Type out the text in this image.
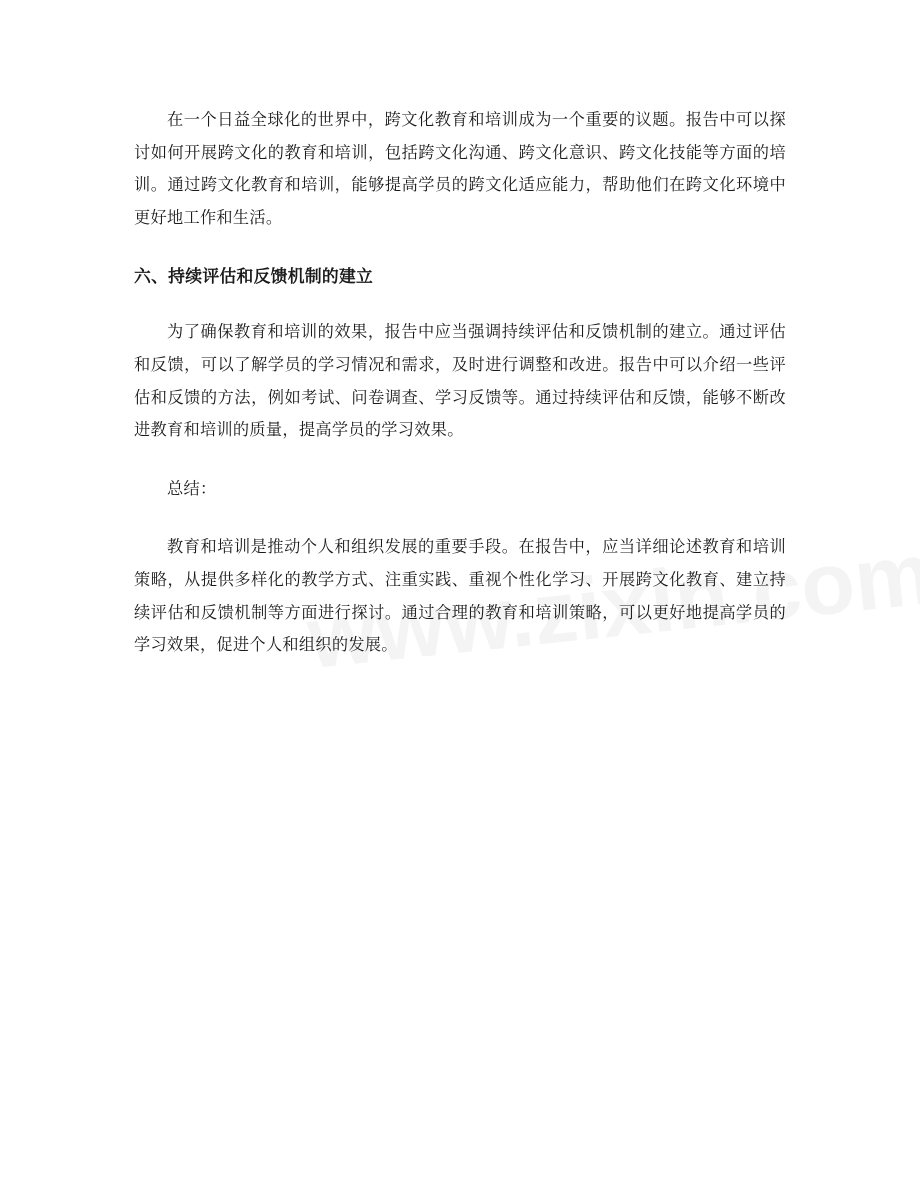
在一个日益全球化的世界中，跨文化教育和培训成为一个重要的议题。报告中可以探讨如何开展跨文化的教育和培训，包括跨文化沟通、跨文化意识、跨文化技能等方面的培训。通过跨文化教育和培训，能够提高学员的跨文化适应能力，帮助他们在跨文化环境中更好地工作和生活。

六、持续评估和反馈机制的建立

为了确保教育和培训的效果，报告中应当强调持续评估和反馈机制的建立。通过评估和反馈，可以了解学员的学习情况和需求，及时进行调整和改进。报告中可以介绍一些评估和反馈的方法，例如考试、问卷调查、学习反馈等。通过持续评估和反馈，能够不断改进教育和培训的质量，提高学员的学习效果。

总结：

教育和培训是推动个人和组织发展的重要手段。在报告中，应当详细论述教育和培训策略，从提供多样化的教学方式、注重实践、重视个性化学习、开展跨文化教育、建立持续评估和反馈机制等方面进行探讨。通过合理的教育和培训策略，可以更好地提高学员的学习效果，促进个人和组织的发展。
